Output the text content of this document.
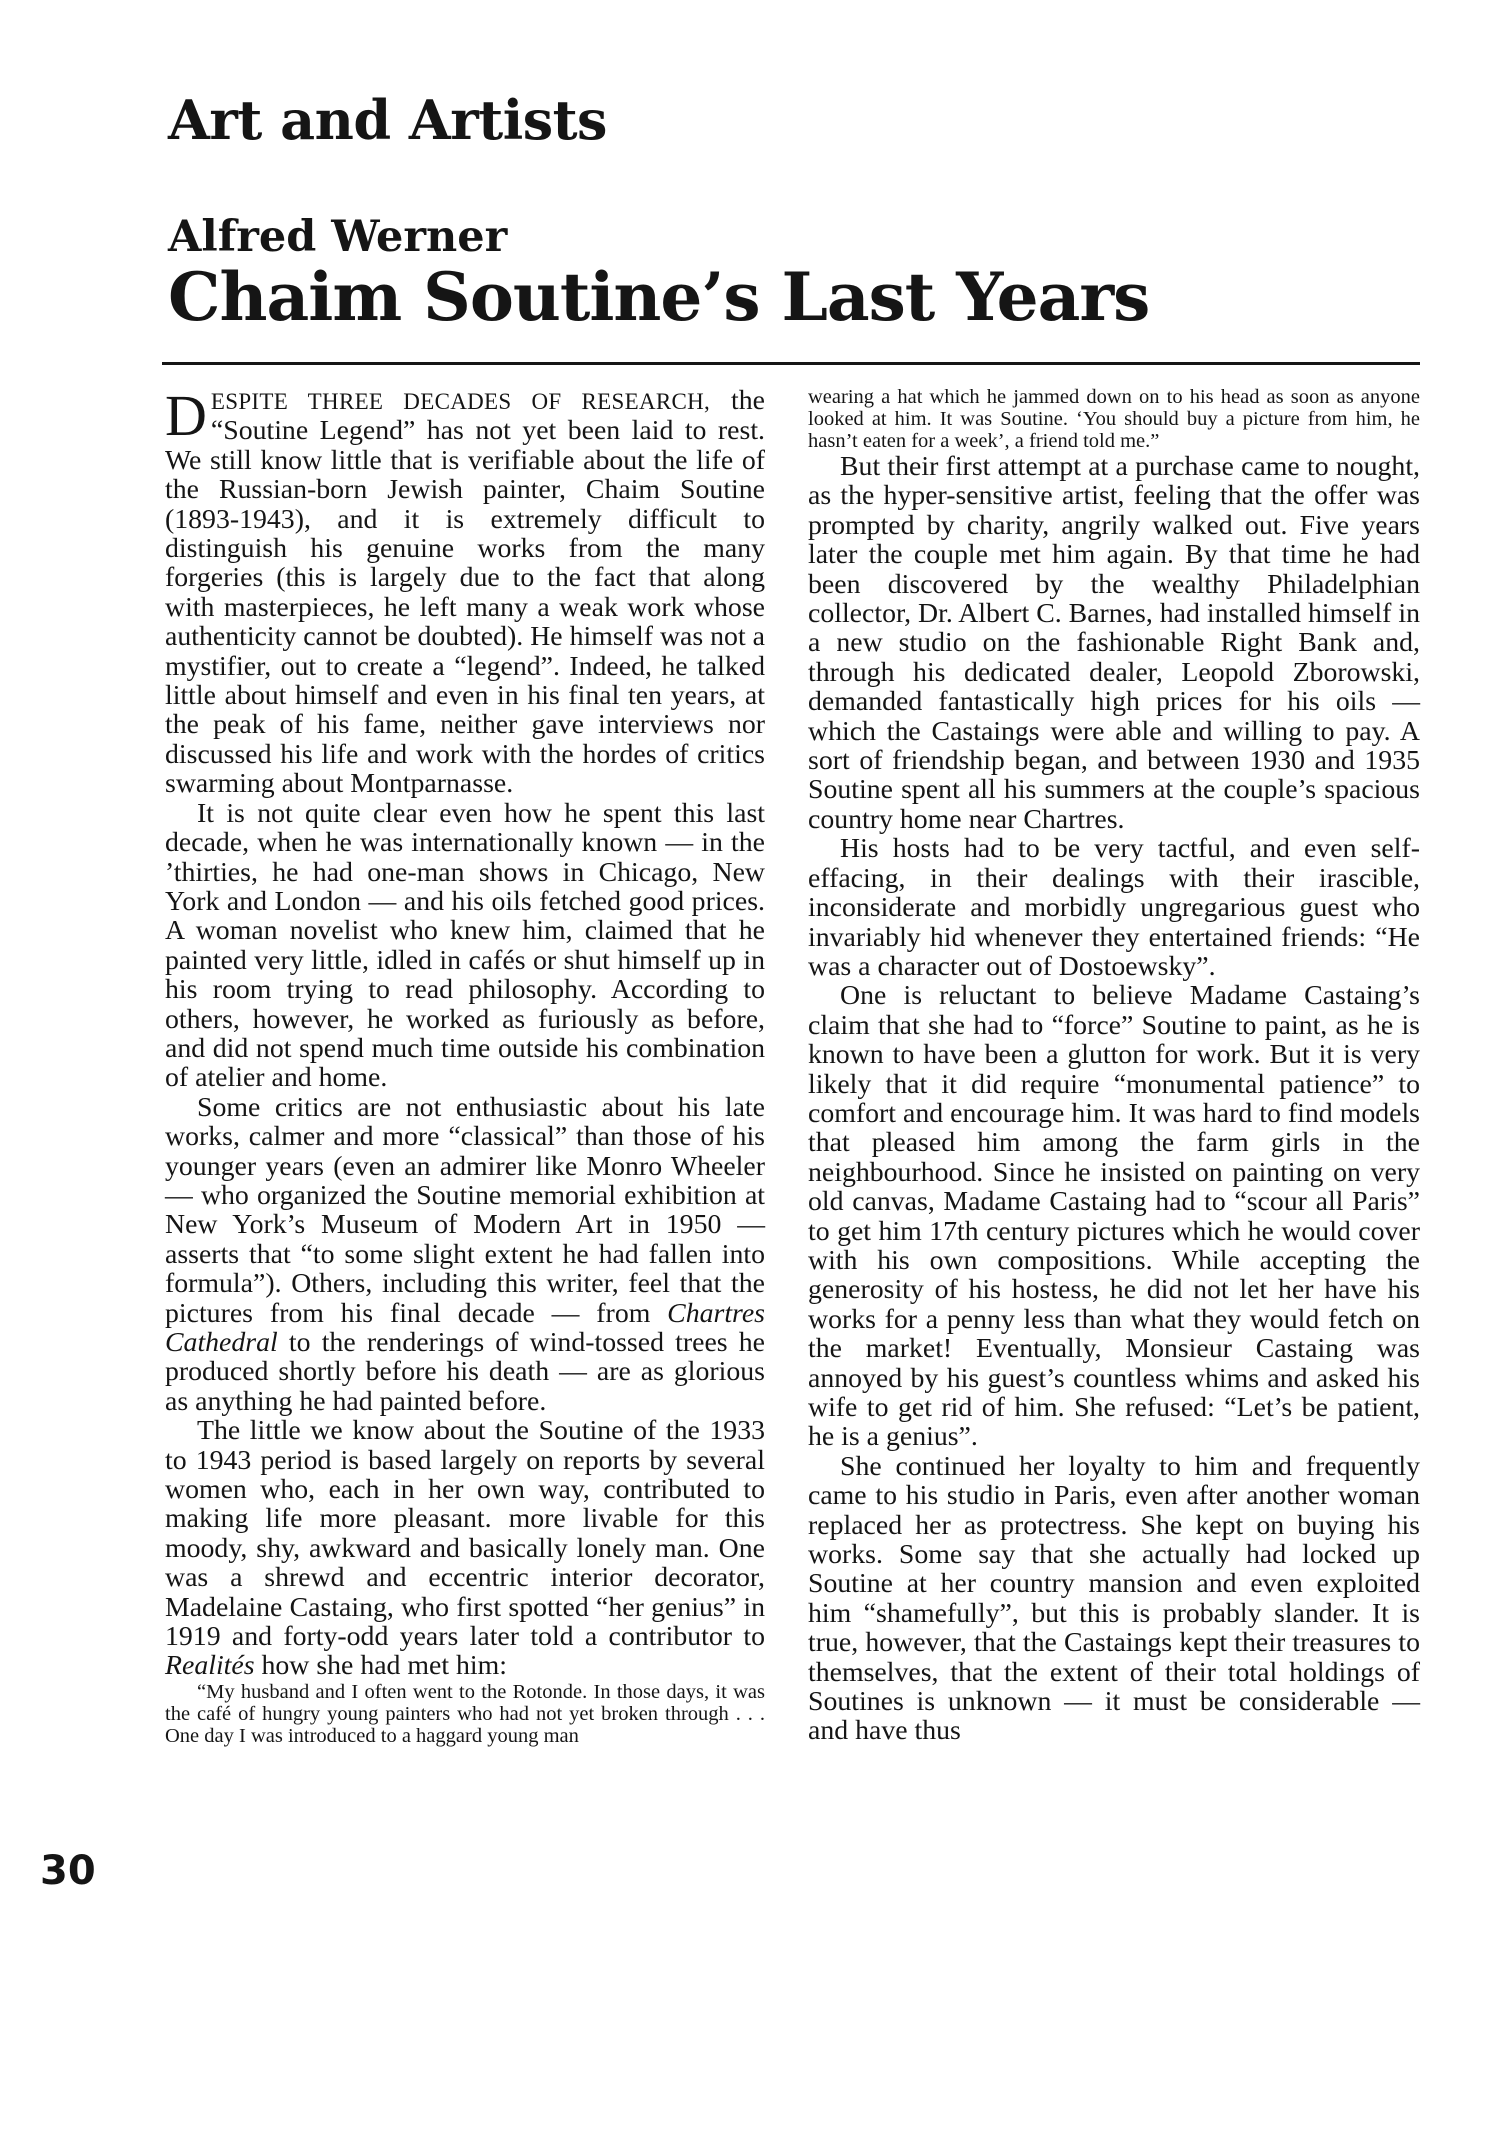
Art and Artists
Alfred Werner
Chaim Soutine’s Last Years

DESPITE THREE DECADES OF RESEARCH, the “Soutine Legend” has not yet been laid to rest. We still know little that is verifiable about the life of the Russian-born Jewish painter, Chaim Soutine (1893-1943), and it is extremely difficult to distinguish his genuine works from the many forgeries (this is largely due to the fact that along with masterpieces, he left many a weak work whose authenticity cannot be doubted). He himself was not a mystifier, out to create a “legend”. Indeed, he talked little about himself and even in his final ten years, at the peak of his fame, neither gave interviews nor discussed his life and work with the hordes of critics swarming about Montparnasse.

It is not quite clear even how he spent this last decade, when he was internationally known — in the ’thirties, he had one-man shows in Chicago, New York and London — and his oils fetched good prices. A woman novelist who knew him, claimed that he painted very little, idled in cafés or shut himself up in his room trying to read philosophy. According to others, however, he worked as furiously as before, and did not spend much time outside his combination of atelier and home.

Some critics are not enthusiastic about his late works, calmer and more “classical” than those of his younger years (even an admirer like Monro Wheeler — who organized the Soutine memorial exhibition at New York’s Museum of Modern Art in 1950 — asserts that “to some slight extent he had fallen into formula”). Others, including this writer, feel that the pictures from his final decade — from Chartres Cathedral to the renderings of wind-tossed trees he produced shortly before his death — are as glorious as anything he had painted before.

The little we know about the Soutine of the 1933 to 1943 period is based largely on reports by several women who, each in her own way, contributed to making life more pleasant. more livable for this moody, shy, awkward and basically lonely man. One was a shrewd and eccentric interior decorator, Madelaine Castaing, who first spotted “her genius” in 1919 and forty-odd years later told a contributor to Realités how she had met him:

“My husband and I often went to the Rotonde. In those days, it was the café of hungry young painters who had not yet broken through . . . One day I was introduced to a haggard young man

wearing a hat which he jammed down on to his head as soon as anyone looked at him. It was Soutine. ‘You should buy a picture from him, he hasn’t eaten for a week’, a friend told me.”

But their first attempt at a purchase came to nought, as the hyper-sensitive artist, feeling that the offer was prompted by charity, angrily walked out. Five years later the couple met him again. By that time he had been discovered by the wealthy Philadelphian collector, Dr. Albert C. Barnes, had installed himself in a new studio on the fashionable Right Bank and, through his dedicated dealer, Leopold Zborowski, demanded fantastically high prices for his oils — which the Castaings were able and willing to pay. A sort of friendship began, and between 1930 and 1935 Soutine spent all his summers at the couple’s spacious country home near Chartres.

His hosts had to be very tactful, and even self-effacing, in their dealings with their irascible, inconsiderate and morbidly ungregarious guest who invariably hid whenever they entertained friends: “He was a character out of Dostoewsky”.

One is reluctant to believe Madame Castaing’s claim that she had to “force” Soutine to paint, as he is known to have been a glutton for work. But it is very likely that it did require “monumental patience” to comfort and encourage him. It was hard to find models that pleased him among the farm girls in the neighbourhood. Since he insisted on painting on very old canvas, Madame Castaing had to “scour all Paris” to get him 17th century pictures which he would cover with his own compositions. While accepting the generosity of his hostess, he did not let her have his works for a penny less than what they would fetch on the market! Eventually, Monsieur Castaing was annoyed by his guest’s countless whims and asked his wife to get rid of him. She refused: “Let’s be patient, he is a genius”.

She continued her loyalty to him and frequently came to his studio in Paris, even after another woman replaced her as protectress. She kept on buying his works. Some say that she actually had locked up Soutine at her country mansion and even exploited him “shamefully”, but this is probably slander. It is true, however, that the Castaings kept their treasures to themselves, that the extent of their total holdings of Soutines is unknown — it must be considerable — and have thus

30
